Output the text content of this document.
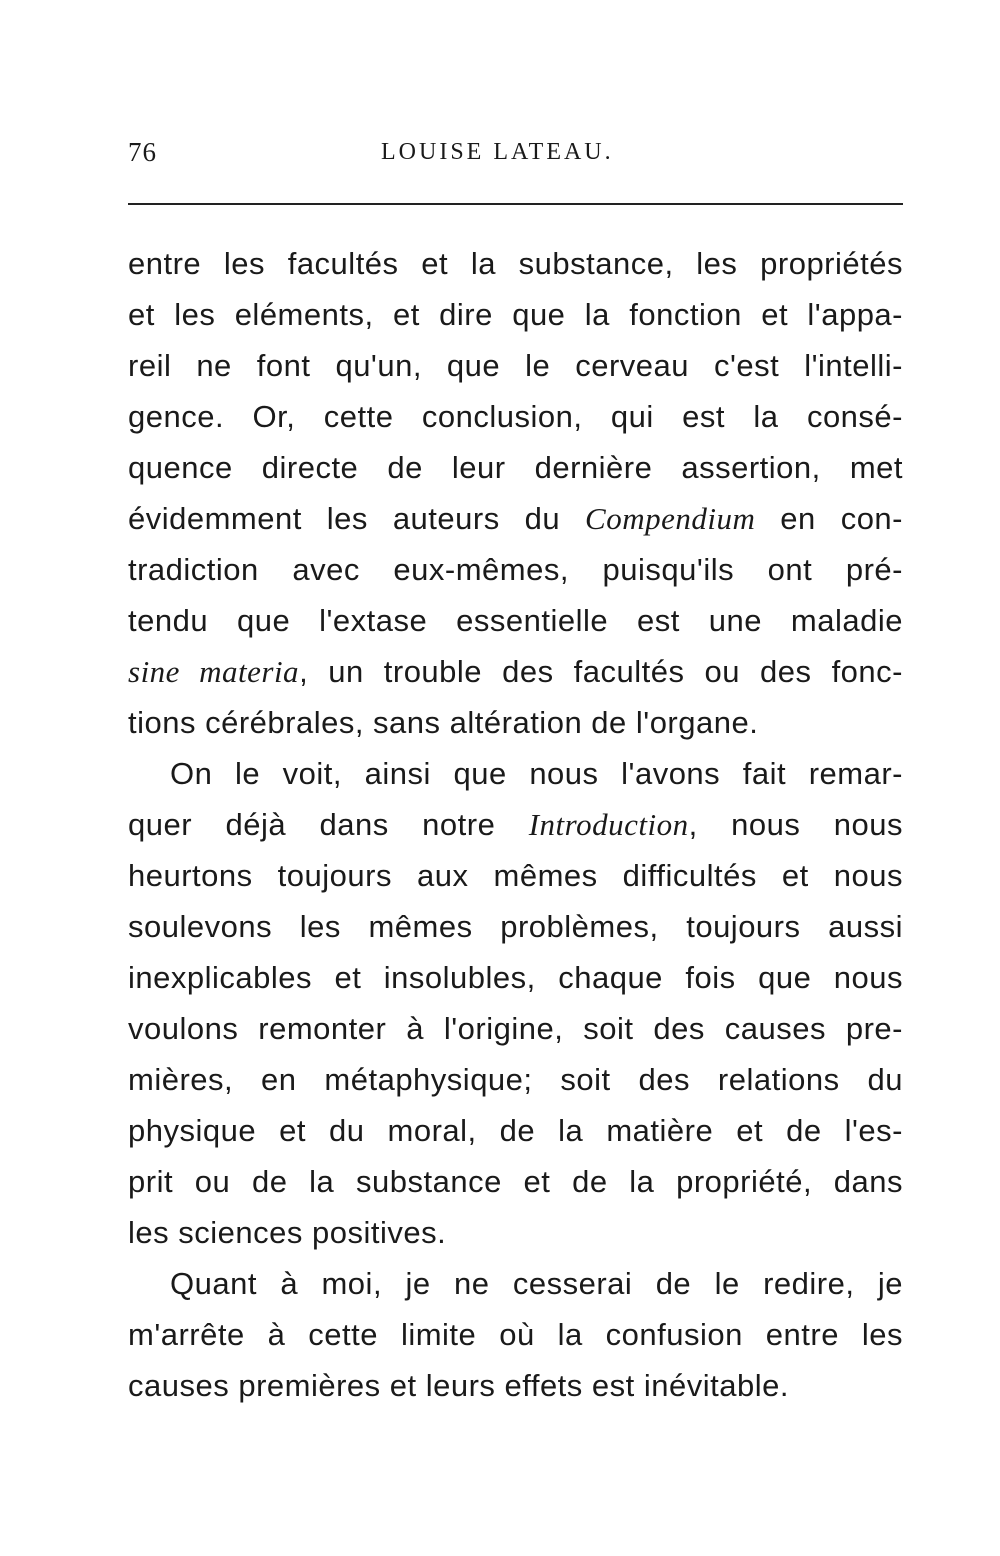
76	LOUISE LATEAU.
entre les facultés et la substance, les propriétés
et les eléments, et dire que la fonction et l'appa-
reil ne font qu'un, que le cerveau c'est l'intelli-
gence. Or, cette conclusion, qui est la consé-
quence directe de leur dernière assertion, met
évidemment les auteurs du Compendium en con-
tradiction avec eux-mêmes, puisqu'ils ont pré-
tendu que l'extase essentielle est une maladie
sine materia, un trouble des facultés ou des fonc-
tions cérébrales, sans altération de l'organe.
On le voit, ainsi que nous l'avons fait remar-
quer déjà dans notre Introduction, nous nous
heurtons toujours aux mêmes difficultés et nous
soulevons les mêmes problèmes, toujours aussi
inexplicables et insolubles, chaque fois que nous
voulons remonter à l'origine, soit des causes pre-
mières, en métaphysique; soit des relations du
physique et du moral, de la matière et de l'es-
prit ou de la substance et de la propriété, dans
les sciences positives.
Quant à moi, je ne cesserai de le redire, je
m'arrête à cette limite où la confusion entre les
causes premières et leurs effets est inévitable.
